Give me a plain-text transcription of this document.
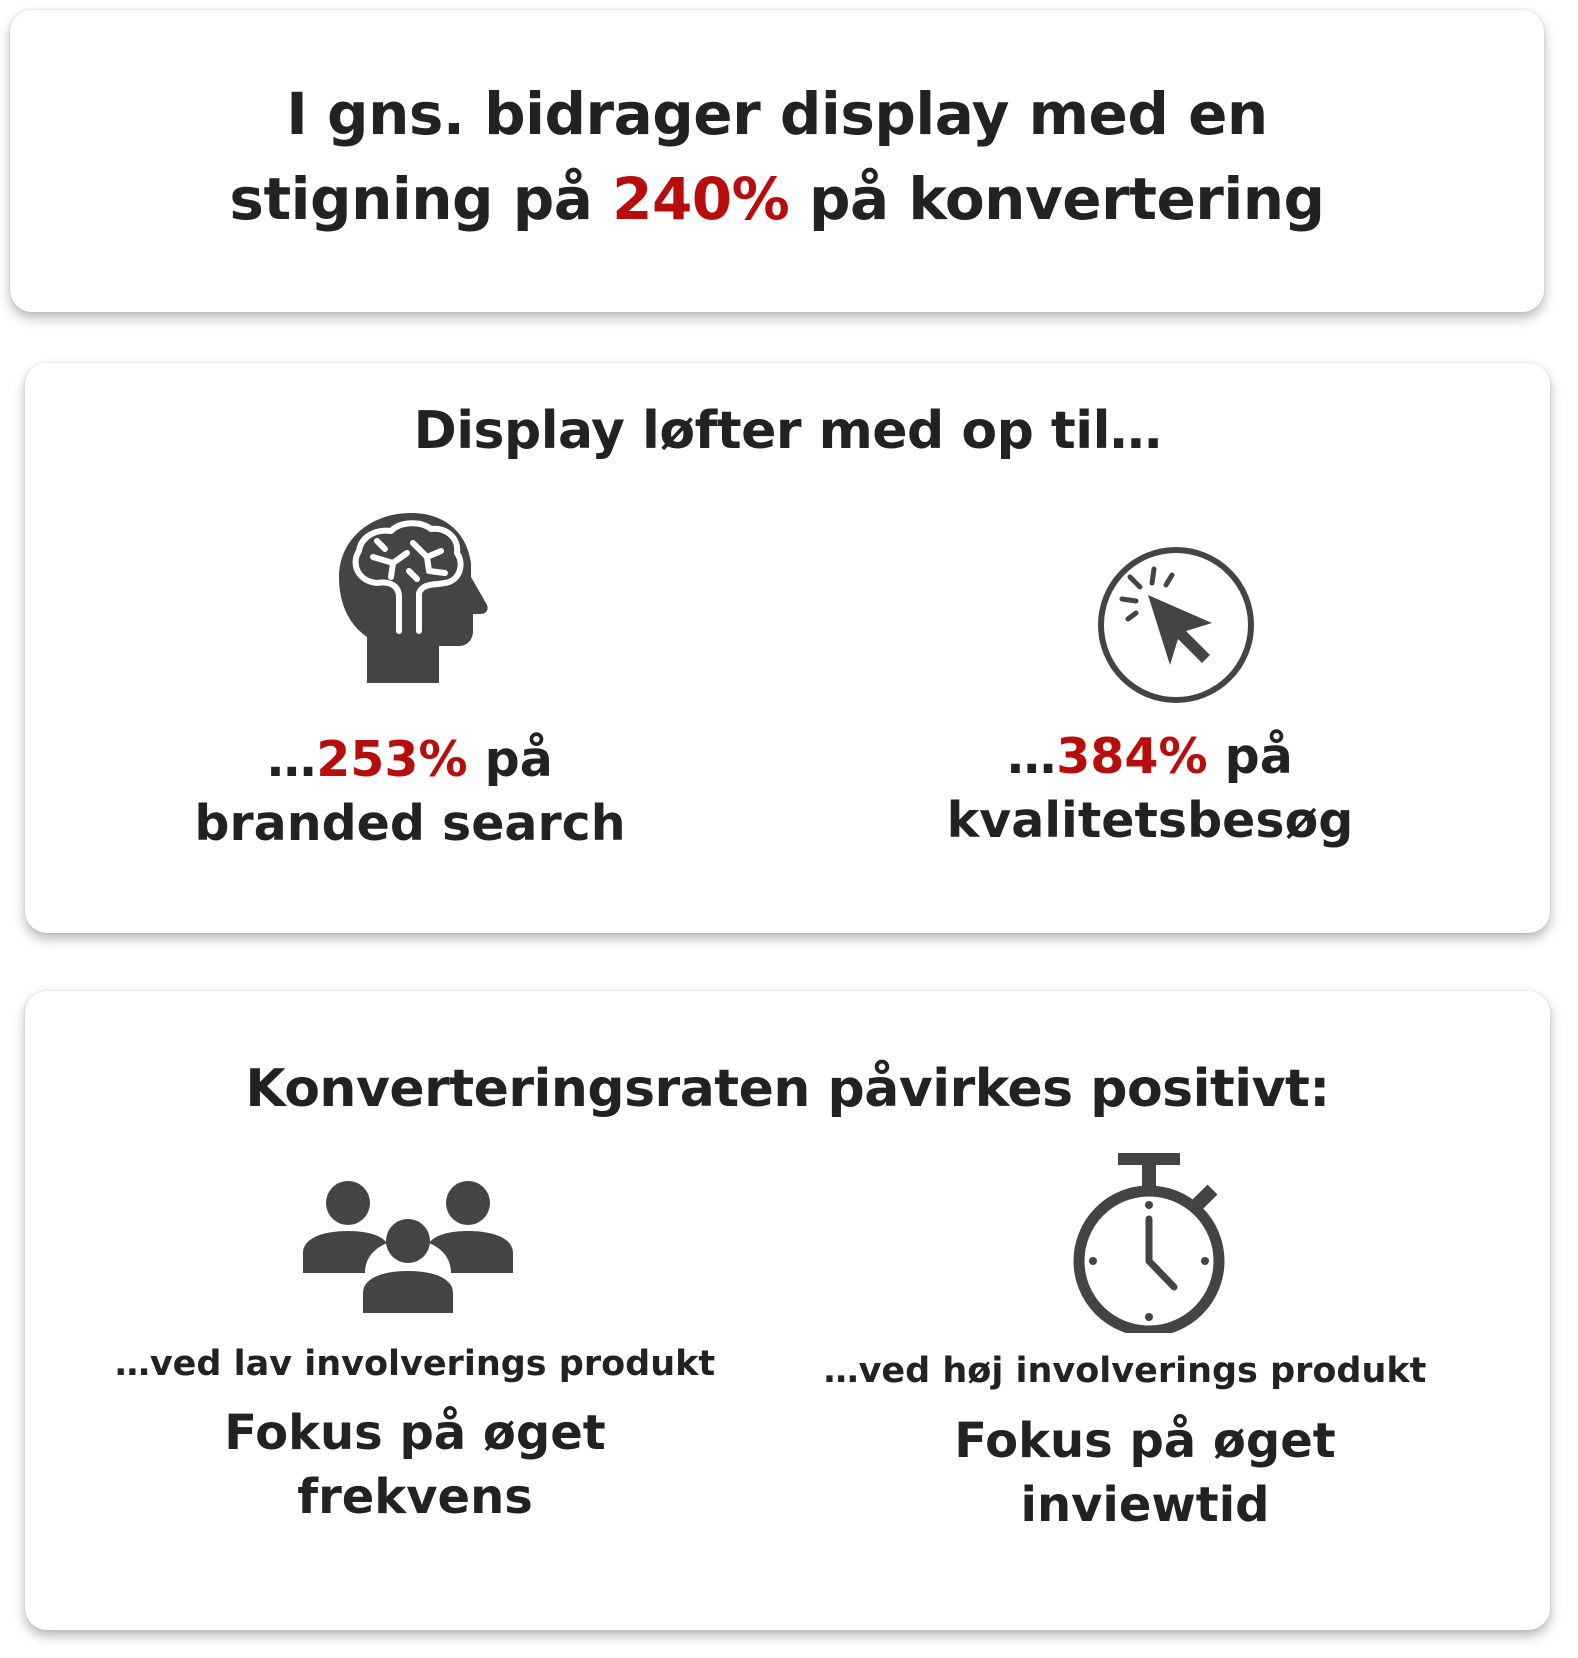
I gns. bidrager display med en
stigning på 240% på konvertering
Display løfter med op til…
…253% på
branded search
…384% på
kvalitetsbesøg
Konverteringsraten påvirkes positivt:
…ved lav involverings produkt
Fokus på øget
frekvens
…ved høj involverings produkt
Fokus på øget
inviewtid
